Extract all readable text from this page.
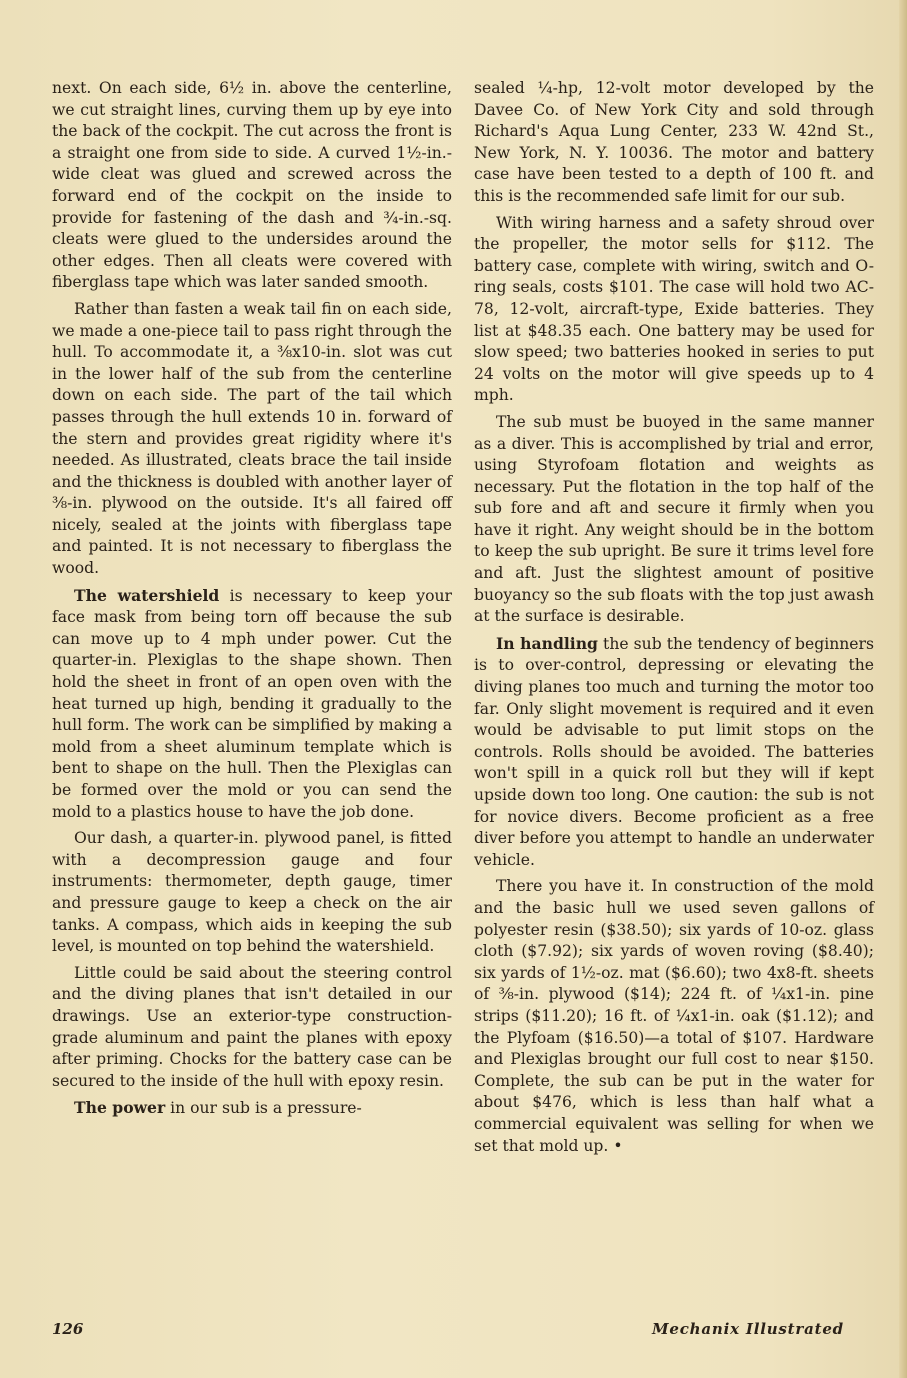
next. On each side, 6½ in. above the centerline, we cut straight lines, curving them up by eye into the back of the cockpit. The cut across the front is a straight one from side to side. A curved 1½-in.-wide cleat was glued and screwed across the forward end of the cockpit on the inside to provide for fastening of the dash and ¾-in.-sq. cleats were glued to the undersides around the other edges. Then all cleats were covered with fiberglass tape which was later sanded smooth.

Rather than fasten a weak tail fin on each side, we made a one-piece tail to pass right through the hull. To accommodate it, a ⅜x10-in. slot was cut in the lower half of the sub from the centerline down on each side. The part of the tail which passes through the hull extends 10 in. forward of the stern and provides great rigidity where it's needed. As illustrated, cleats brace the tail inside and the thickness is doubled with another layer of ⅜-in. plywood on the outside. It's all faired off nicely, sealed at the joints with fiberglass tape and painted. It is not necessary to fiberglass the wood.

The watershield is necessary to keep your face mask from being torn off because the sub can move up to 4 mph under power. Cut the quarter-in. Plexiglas to the shape shown. Then hold the sheet in front of an open oven with the heat turned up high, bending it gradually to the hull form. The work can be simplified by making a mold from a sheet aluminum template which is bent to shape on the hull. Then the Plexiglas can be formed over the mold or you can send the mold to a plastics house to have the job done.

Our dash, a quarter-in. plywood panel, is fitted with a decompression gauge and four instruments: thermometer, depth gauge, timer and pressure gauge to keep a check on the air tanks. A compass, which aids in keeping the sub level, is mounted on top behind the watershield.

Little could be said about the steering control and the diving planes that isn't detailed in our drawings. Use an exterior-type construction-grade aluminum and paint the planes with epoxy after priming. Chocks for the battery case can be secured to the inside of the hull with epoxy resin.

The power in our sub is a pressure-

sealed ¼-hp, 12-volt motor developed by the Davee Co. of New York City and sold through Richard's Aqua Lung Center, 233 W. 42nd St., New York, N. Y. 10036. The motor and battery case have been tested to a depth of 100 ft. and this is the recommended safe limit for our sub.

With wiring harness and a safety shroud over the propeller, the motor sells for $112. The battery case, complete with wiring, switch and O-ring seals, costs $101. The case will hold two AC-78, 12-volt, aircraft-type, Exide batteries. They list at $48.35 each. One battery may be used for slow speed; two batteries hooked in series to put 24 volts on the motor will give speeds up to 4 mph.

The sub must be buoyed in the same manner as a diver. This is accomplished by trial and error, using Styrofoam flotation and weights as necessary. Put the flotation in the top half of the sub fore and aft and secure it firmly when you have it right. Any weight should be in the bottom to keep the sub upright. Be sure it trims level fore and aft. Just the slightest amount of positive buoyancy so the sub floats with the top just awash at the surface is desirable.

In handling the sub the tendency of beginners is to over-control, depressing or elevating the diving planes too much and turning the motor too far. Only slight movement is required and it even would be advisable to put limit stops on the controls. Rolls should be avoided. The batteries won't spill in a quick roll but they will if kept upside down too long. One caution: the sub is not for novice divers. Become proficient as a free diver before you attempt to handle an underwater vehicle.

There you have it. In construction of the mold and the basic hull we used seven gallons of polyester resin ($38.50); six yards of 10-oz. glass cloth ($7.92); six yards of woven roving ($8.40); six yards of 1½-oz. mat ($6.60); two 4x8-ft. sheets of ⅜-in. plywood ($14); 224 ft. of ¼x1-in. pine strips ($11.20); 16 ft. of ¼x1-in. oak ($1.12); and the Plyfoam ($16.50)—a total of $107. Hardware and Plexiglas brought our full cost to near $150. Complete, the sub can be put in the water for about $476, which is less than half what a commercial equivalent was selling for when we set that mold up. •

126	Mechanix Illustrated
